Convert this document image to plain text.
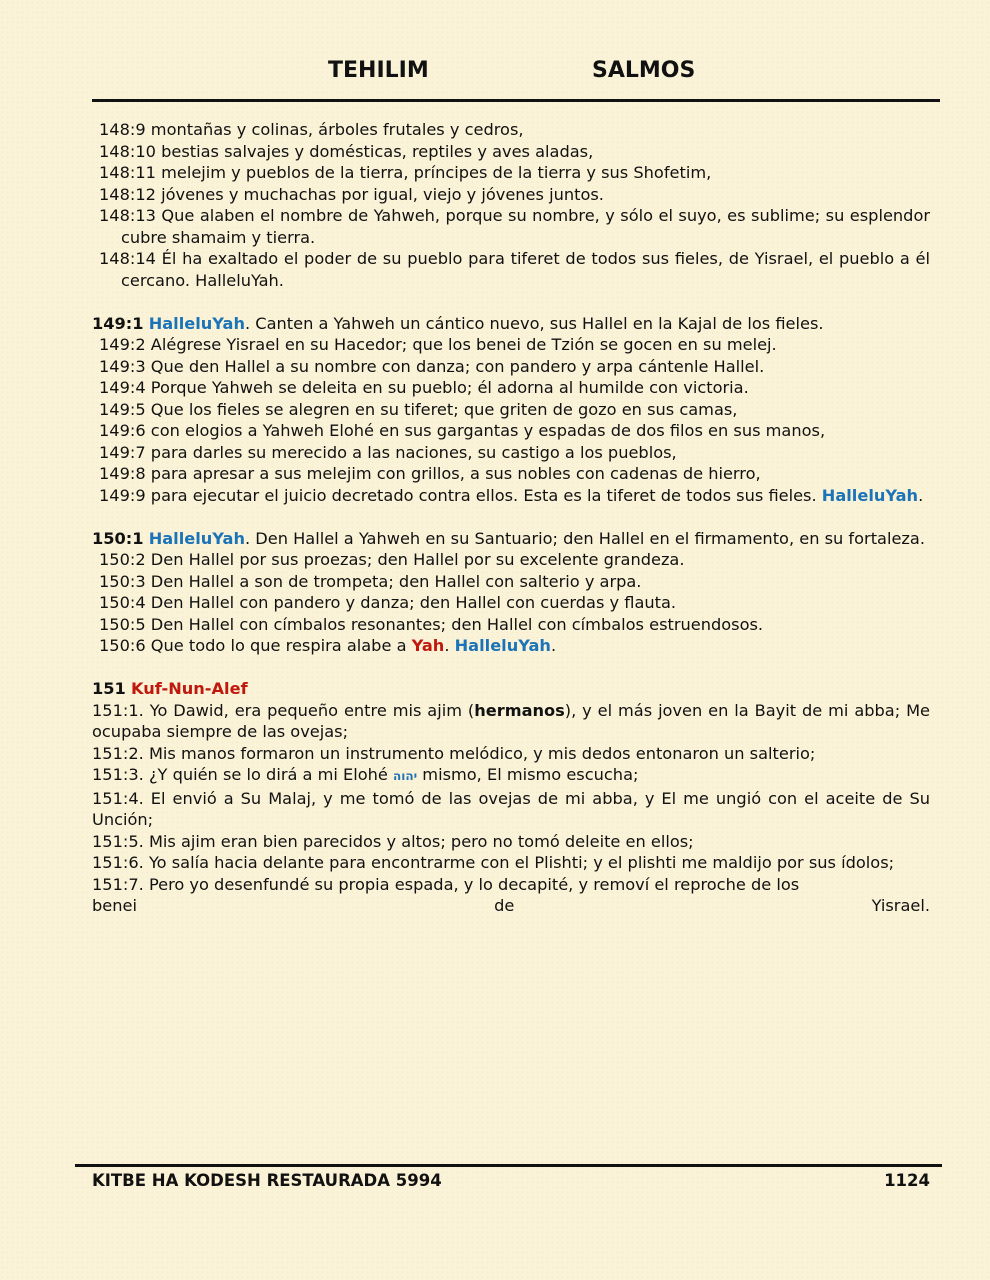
TEHILIM	SALMOS

148:9 montañas y colinas, árboles frutales y cedros,

148:10 bestias salvajes y domésticas, reptiles y aves aladas,

148:11 melejim y pueblos de la tierra, príncipes de la tierra y sus Shofetim,

148:12 jóvenes y muchachas por igual, viejo y jóvenes juntos.

148:13 Que alaben el nombre de Yahweh, porque su nombre, y sólo el suyo, es sublime; su esplendor cubre shamaim y tierra.

148:14 Él ha exaltado el poder de su pueblo para tiferet de todos sus fieles, de Yisrael, el pueblo a él cercano. HalleluYah.

149:1 HalleluYah. Canten a Yahweh un cántico nuevo, sus Hallel en la Kajal de los fieles.

149:2 Alégrese Yisrael en su Hacedor; que los benei de Tzión se gocen en su melej.

149:3 Que den Hallel a su nombre con danza; con pandero y arpa cántenle Hallel.

149:4 Porque Yahweh se deleita en su pueblo; él adorna al humilde con victoria.

149:5 Que los fieles se alegren en su tiferet; que griten de gozo en sus camas,

149:6 con elogios a Yahweh Elohé en sus gargantas y espadas de dos filos en sus manos,

149:7 para darles su merecido a las naciones, su castigo a los pueblos,

149:8 para apresar a sus melejim con grillos, a sus nobles con cadenas de hierro,

149:9 para ejecutar el juicio decretado contra ellos. Esta es la tiferet de todos sus fieles. HalleluYah.

150:1 HalleluYah. Den Hallel a Yahweh en su Santuario; den Hallel en el firmamento, en su fortaleza.

150:2 Den Hallel por sus proezas; den Hallel por su excelente grandeza.

150:3 Den Hallel a son de trompeta; den Hallel con salterio y arpa.

150:4 Den Hallel con pandero y danza; den Hallel con cuerdas y flauta.

150:5 Den Hallel con címbalos resonantes; den Hallel con címbalos estruendosos.

150:6 Que todo lo que respira alabe a Yah. HalleluYah.

151 Kuf-Nun-Alef

151:1. Yo Dawid, era pequeño entre mis ajim (hermanos), y el más joven en la Bayit de mi abba; Me ocupaba siempre de las ovejas;

151:2. Mis manos formaron un instrumento melódico, y mis dedos entonaron un salterio;

151:3. ¿Y quién se lo dirá a mi Elohé יהוה mismo, El mismo escucha;

151:4. El envió a Su Malaj, y me tomó de las ovejas de mi abba, y El me ungió con el aceite de Su Unción;

151:5. Mis ajim eran bien parecidos y altos; pero no tomó deleite en ellos;

151:6. Yo salía hacia delante para encontrarme con el Plishti; y el plishti me maldijo por sus ídolos;

151:7. Pero yo desenfundé su propia espada, y lo decapité, y removí el reproche de los

benei	de	Yisrael.
KITBE HA KODESH RESTAURADA 5994	1124
